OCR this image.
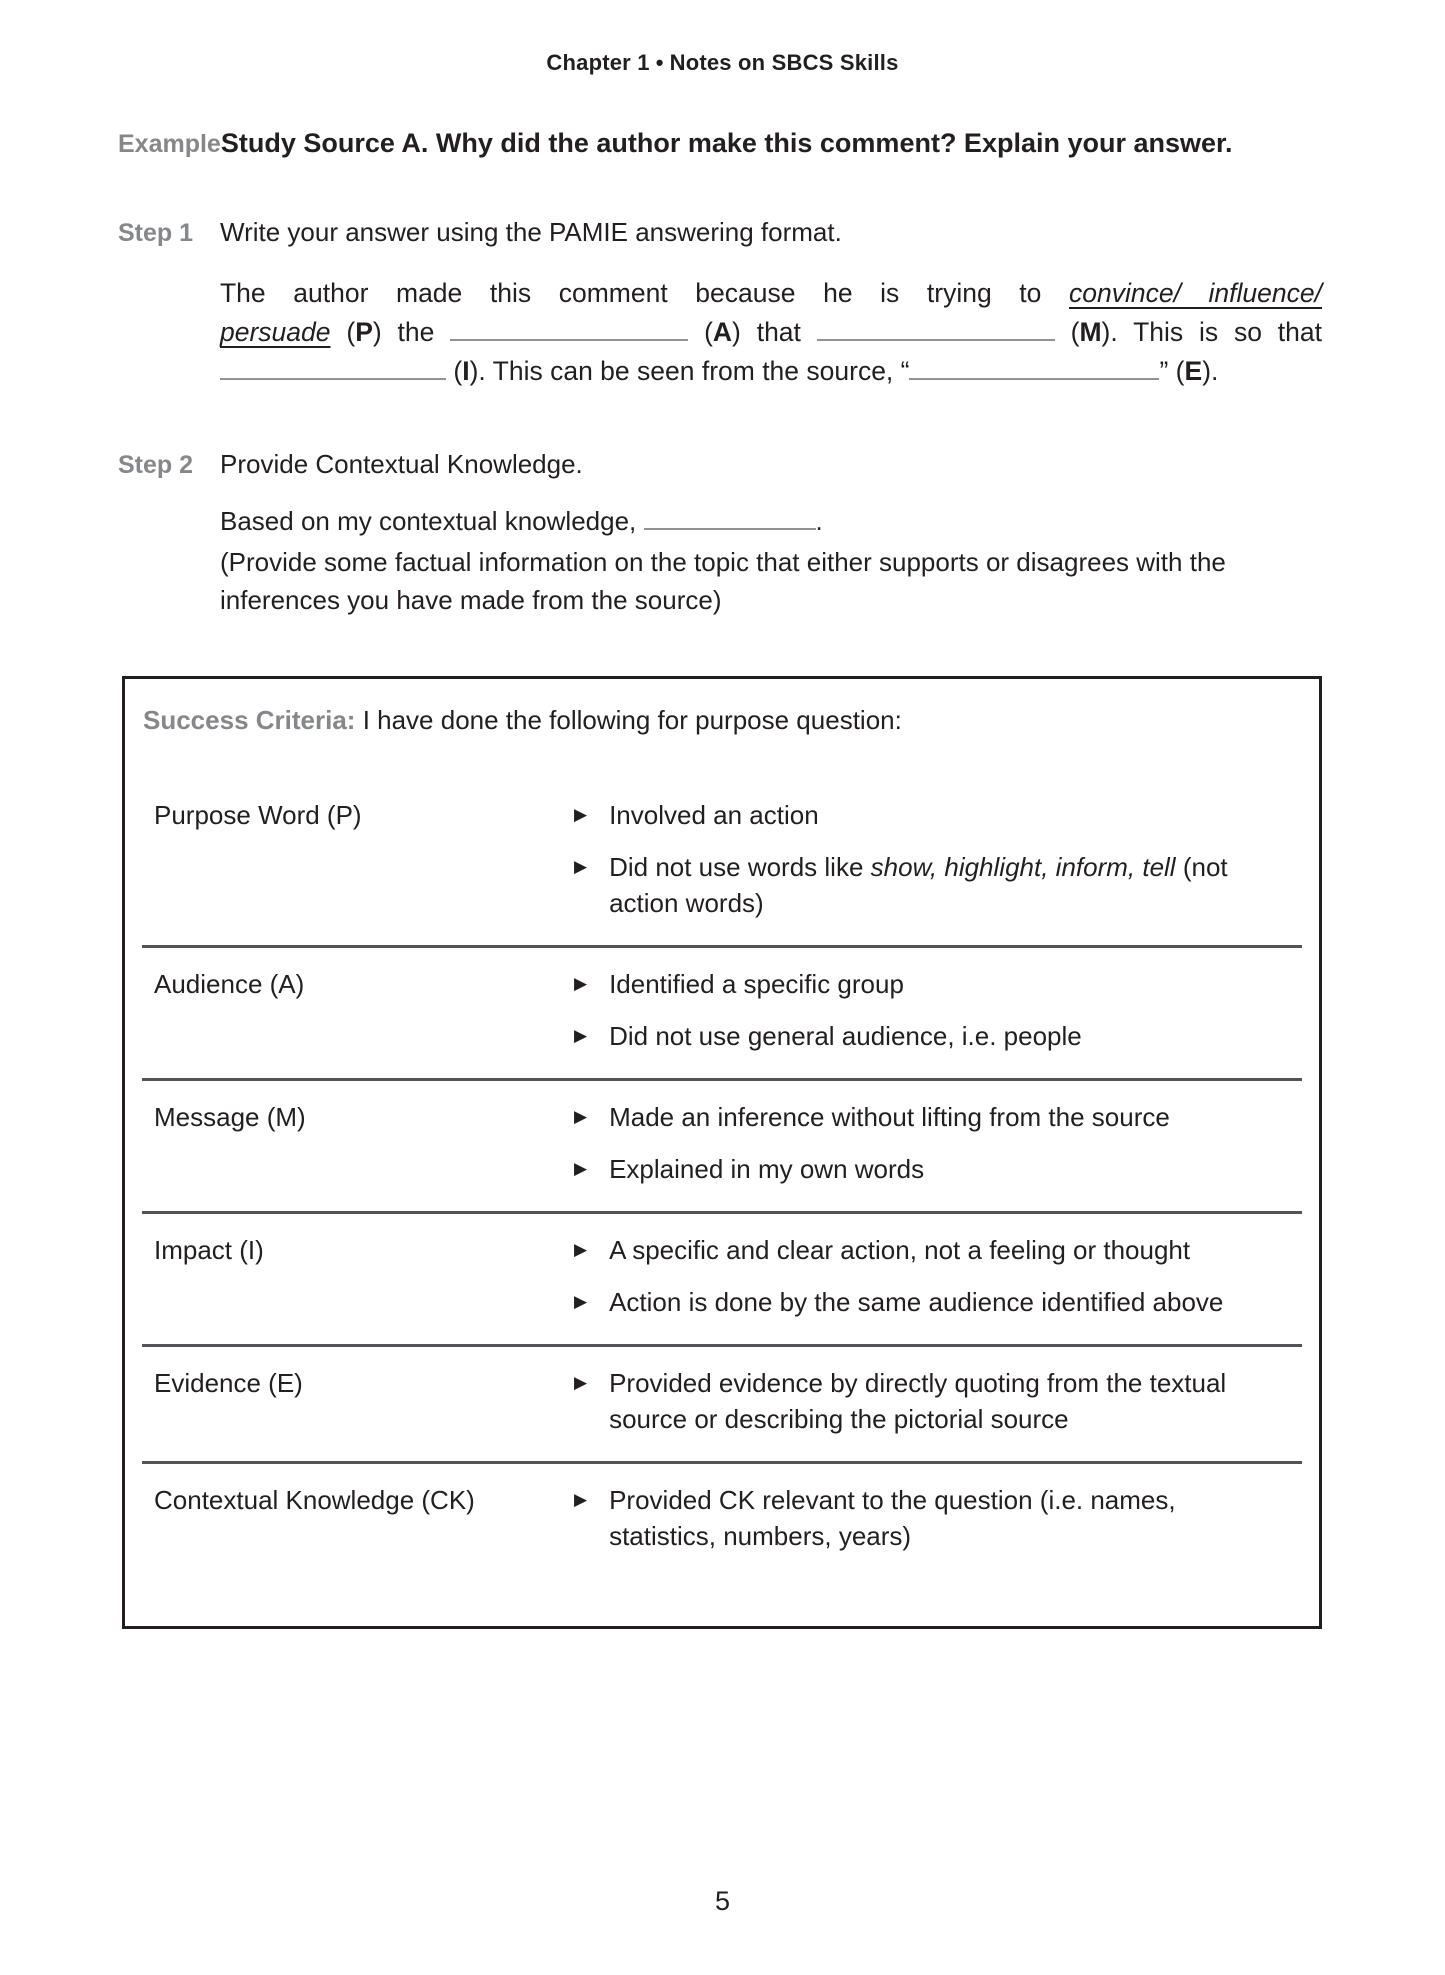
Chapter 1 • Notes on SBCS Skills
Example Study Source A. Why did the author make this comment? Explain your answer.
Step 1	Write your answer using the PAMIE answering format.
The author made this comment because he is trying to convince/ influence/
persuade (P) the	(A) that	(M). This is so that
(I). This can be seen from the source, “	” (E).
Step 2	Provide Contextual Knowledge.
Based on my contextual knowledge,	.
(Provide some factual information on the topic that either supports or disagrees with the inferences you have made from the source)
Success Criteria: I have done the following for purpose question:
Purpose Word (P)	▶ Involved an action
▶ Did not use words like show, highlight, inform, tell (not action words)
Audience (A)	▶ Identified a specific group
▶ Did not use general audience, i.e. people
Message (M)	▶ Made an inference without lifting from the source
▶ Explained in my own words
Impact (I)	▶ A specific and clear action, not a feeling or thought
▶ Action is done by the same audience identified above
Evidence (E)	▶ Provided evidence by directly quoting from the textual source or describing the pictorial source
Contextual Knowledge (CK)	▶ Provided CK relevant to the question (i.e. names, statistics, numbers, years)
5
